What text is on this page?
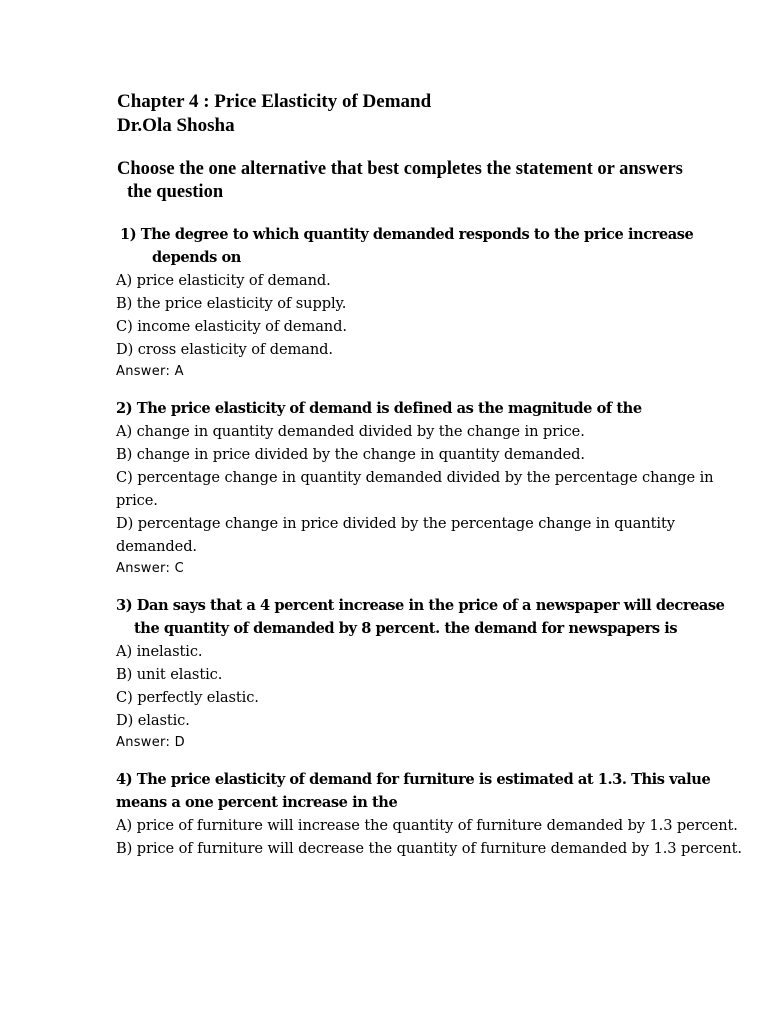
Chapter 4 : Price Elasticity of Demand
Dr.Ola Shosha
Choose the one alternative that best completes the statement or answers
the question
1) The degree to which quantity demanded responds to the price increase
depends on
A) price elasticity of demand.
B) the price elasticity of supply.
C) income elasticity of demand.
D) cross elasticity of demand.
Answer: A
2) The price elasticity of demand is defined as the magnitude of the
A) change in quantity demanded divided by the change in price.
B) change in price divided by the change in quantity demanded.
C) percentage change in quantity demanded divided by the percentage change in price.
D) percentage change in price divided by the percentage change in quantity demanded.
Answer: C
3) Dan says that a 4 percent increase in the price of a newspaper will decrease
the quantity of demanded by 8 percent. the demand for newspapers is
A) inelastic.
B) unit elastic.
C) perfectly elastic.
D) elastic.
Answer: D
4) The price elasticity of demand for furniture is estimated at 1.3. This value
means a one percent increase in the
A) price of furniture will increase the quantity of furniture demanded by 1.3 percent.
B) price of furniture will decrease the quantity of furniture demanded by 1.3 percent.
